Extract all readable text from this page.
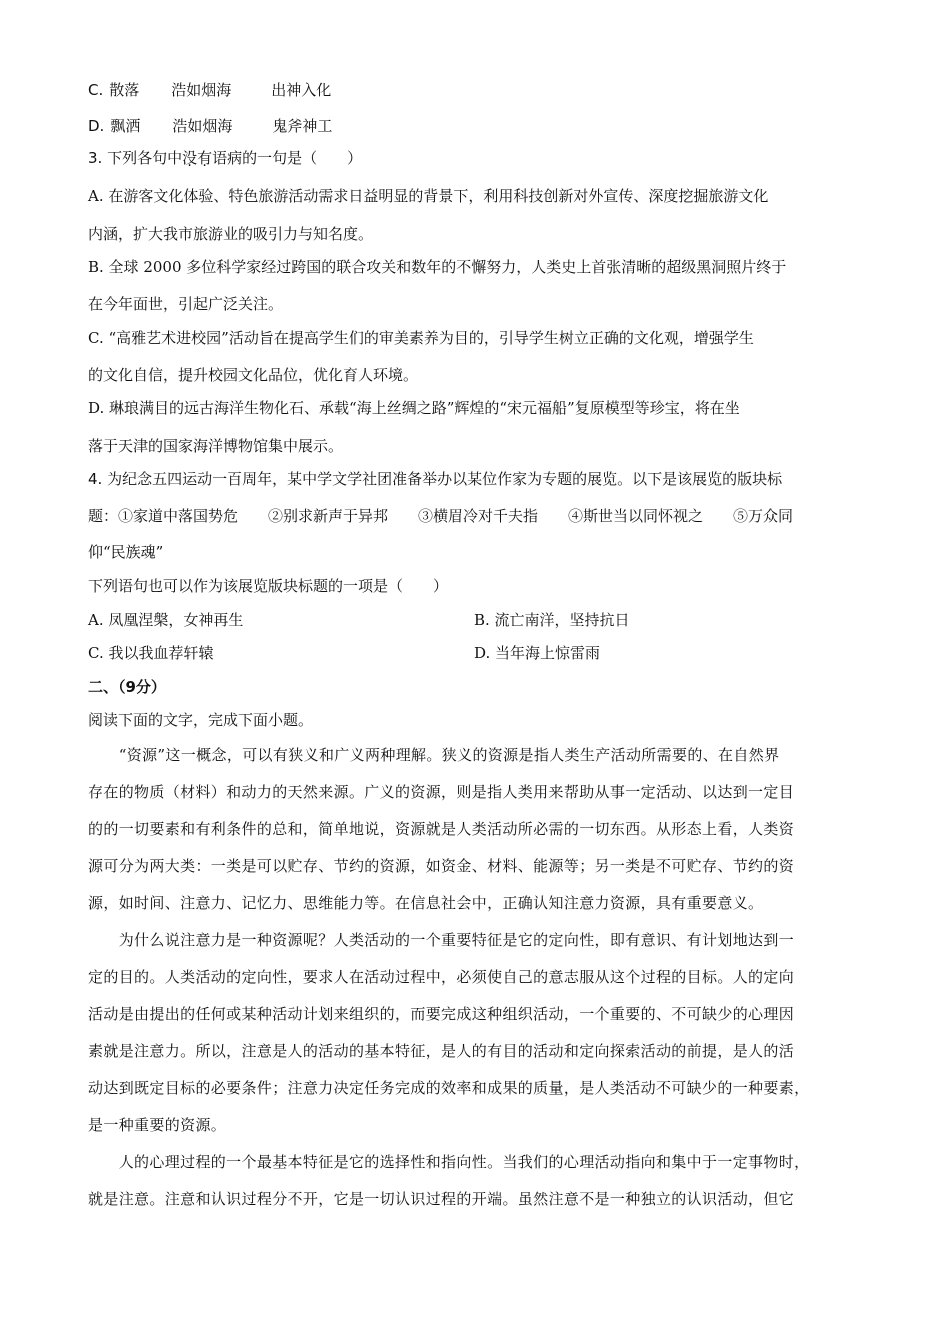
C. 散落 浩如烟海	出神入化
D. 飘洒 浩如烟海	鬼斧神工
3. 下列各句中没有语病的一句是（　　）
A. 在游客文化体验、特色旅游活动需求日益明显的背景下，利用科技创新对外宣传、深度挖掘旅游文化
内涵，扩大我市旅游业的吸引力与知名度。
B. 全球 2000 多位科学家经过跨国的联合攻关和数年的不懈努力，人类史上首张清晰的超级黑洞照片终于
在今年面世，引起广泛关注。
C. “高雅艺术进校园”活动旨在提高学生们的审美素养为目的，引导学生树立正确的文化观，增强学生
的文化自信，提升校园文化品位，优化育人环境。
D. 琳琅满目的远古海洋生物化石、承载“海上丝绸之路”辉煌的“宋元福船”复原模型等珍宝，将在坐
落于天津的国家海洋博物馆集中展示。
4. 为纪念五四运动一百周年，某中学文学社团准备举办以某位作家为专题的展览。以下是该展览的版块标
题：①家道中落国势危　　②别求新声于异邦　　③横眉冷对千夫指　　④斯世当以同怀视之　　⑤万众同
仰“民族魂”
下列语句也可以作为该展览版块标题的一项是（　　）
A. 凤凰涅槃，女神再生	B. 流亡南洋，坚持抗日
C. 我以我血荐轩辕	D. 当年海上惊雷雨
二、（9分）
阅读下面的文字，完成下面小题。
　　“资源”这一概念，可以有狭义和广义两种理解。狭义的资源是指人类生产活动所需要的、在自然界
存在的物质（材料）和动力的天然来源。广义的资源，则是指人类用来帮助从事一定活动、以达到一定目
的的一切要素和有利条件的总和，简单地说，资源就是人类活动所必需的一切东西。从形态上看，人类资
源可分为两大类：一类是可以贮存、节约的资源，如资金、材料、能源等；另一类是不可贮存、节约的资
源，如时间、注意力、记忆力、思维能力等。在信息社会中，正确认知注意力资源，具有重要意义。
　　为什么说注意力是一种资源呢？人类活动的一个重要特征是它的定向性，即有意识、有计划地达到一
定的目的。人类活动的定向性，要求人在活动过程中，必须使自己的意志服从这个过程的目标。人的定向
活动是由提出的任何或某种活动计划来组织的，而要完成这种组织活动，一个重要的、不可缺少的心理因
素就是注意力。所以，注意是人的活动的基本特征，是人的有目的活动和定向探索活动的前提，是人的活
动达到既定目标的必要条件；注意力决定任务完成的效率和成果的质量，是人类活动不可缺少的一种要素，
是一种重要的资源。
　　人的心理过程的一个最基本特征是它的选择性和指向性。当我们的心理活动指向和集中于一定事物时，
就是注意。注意和认识过程分不开，它是一切认识过程的开端。虽然注意不是一种独立的认识活动，但它
